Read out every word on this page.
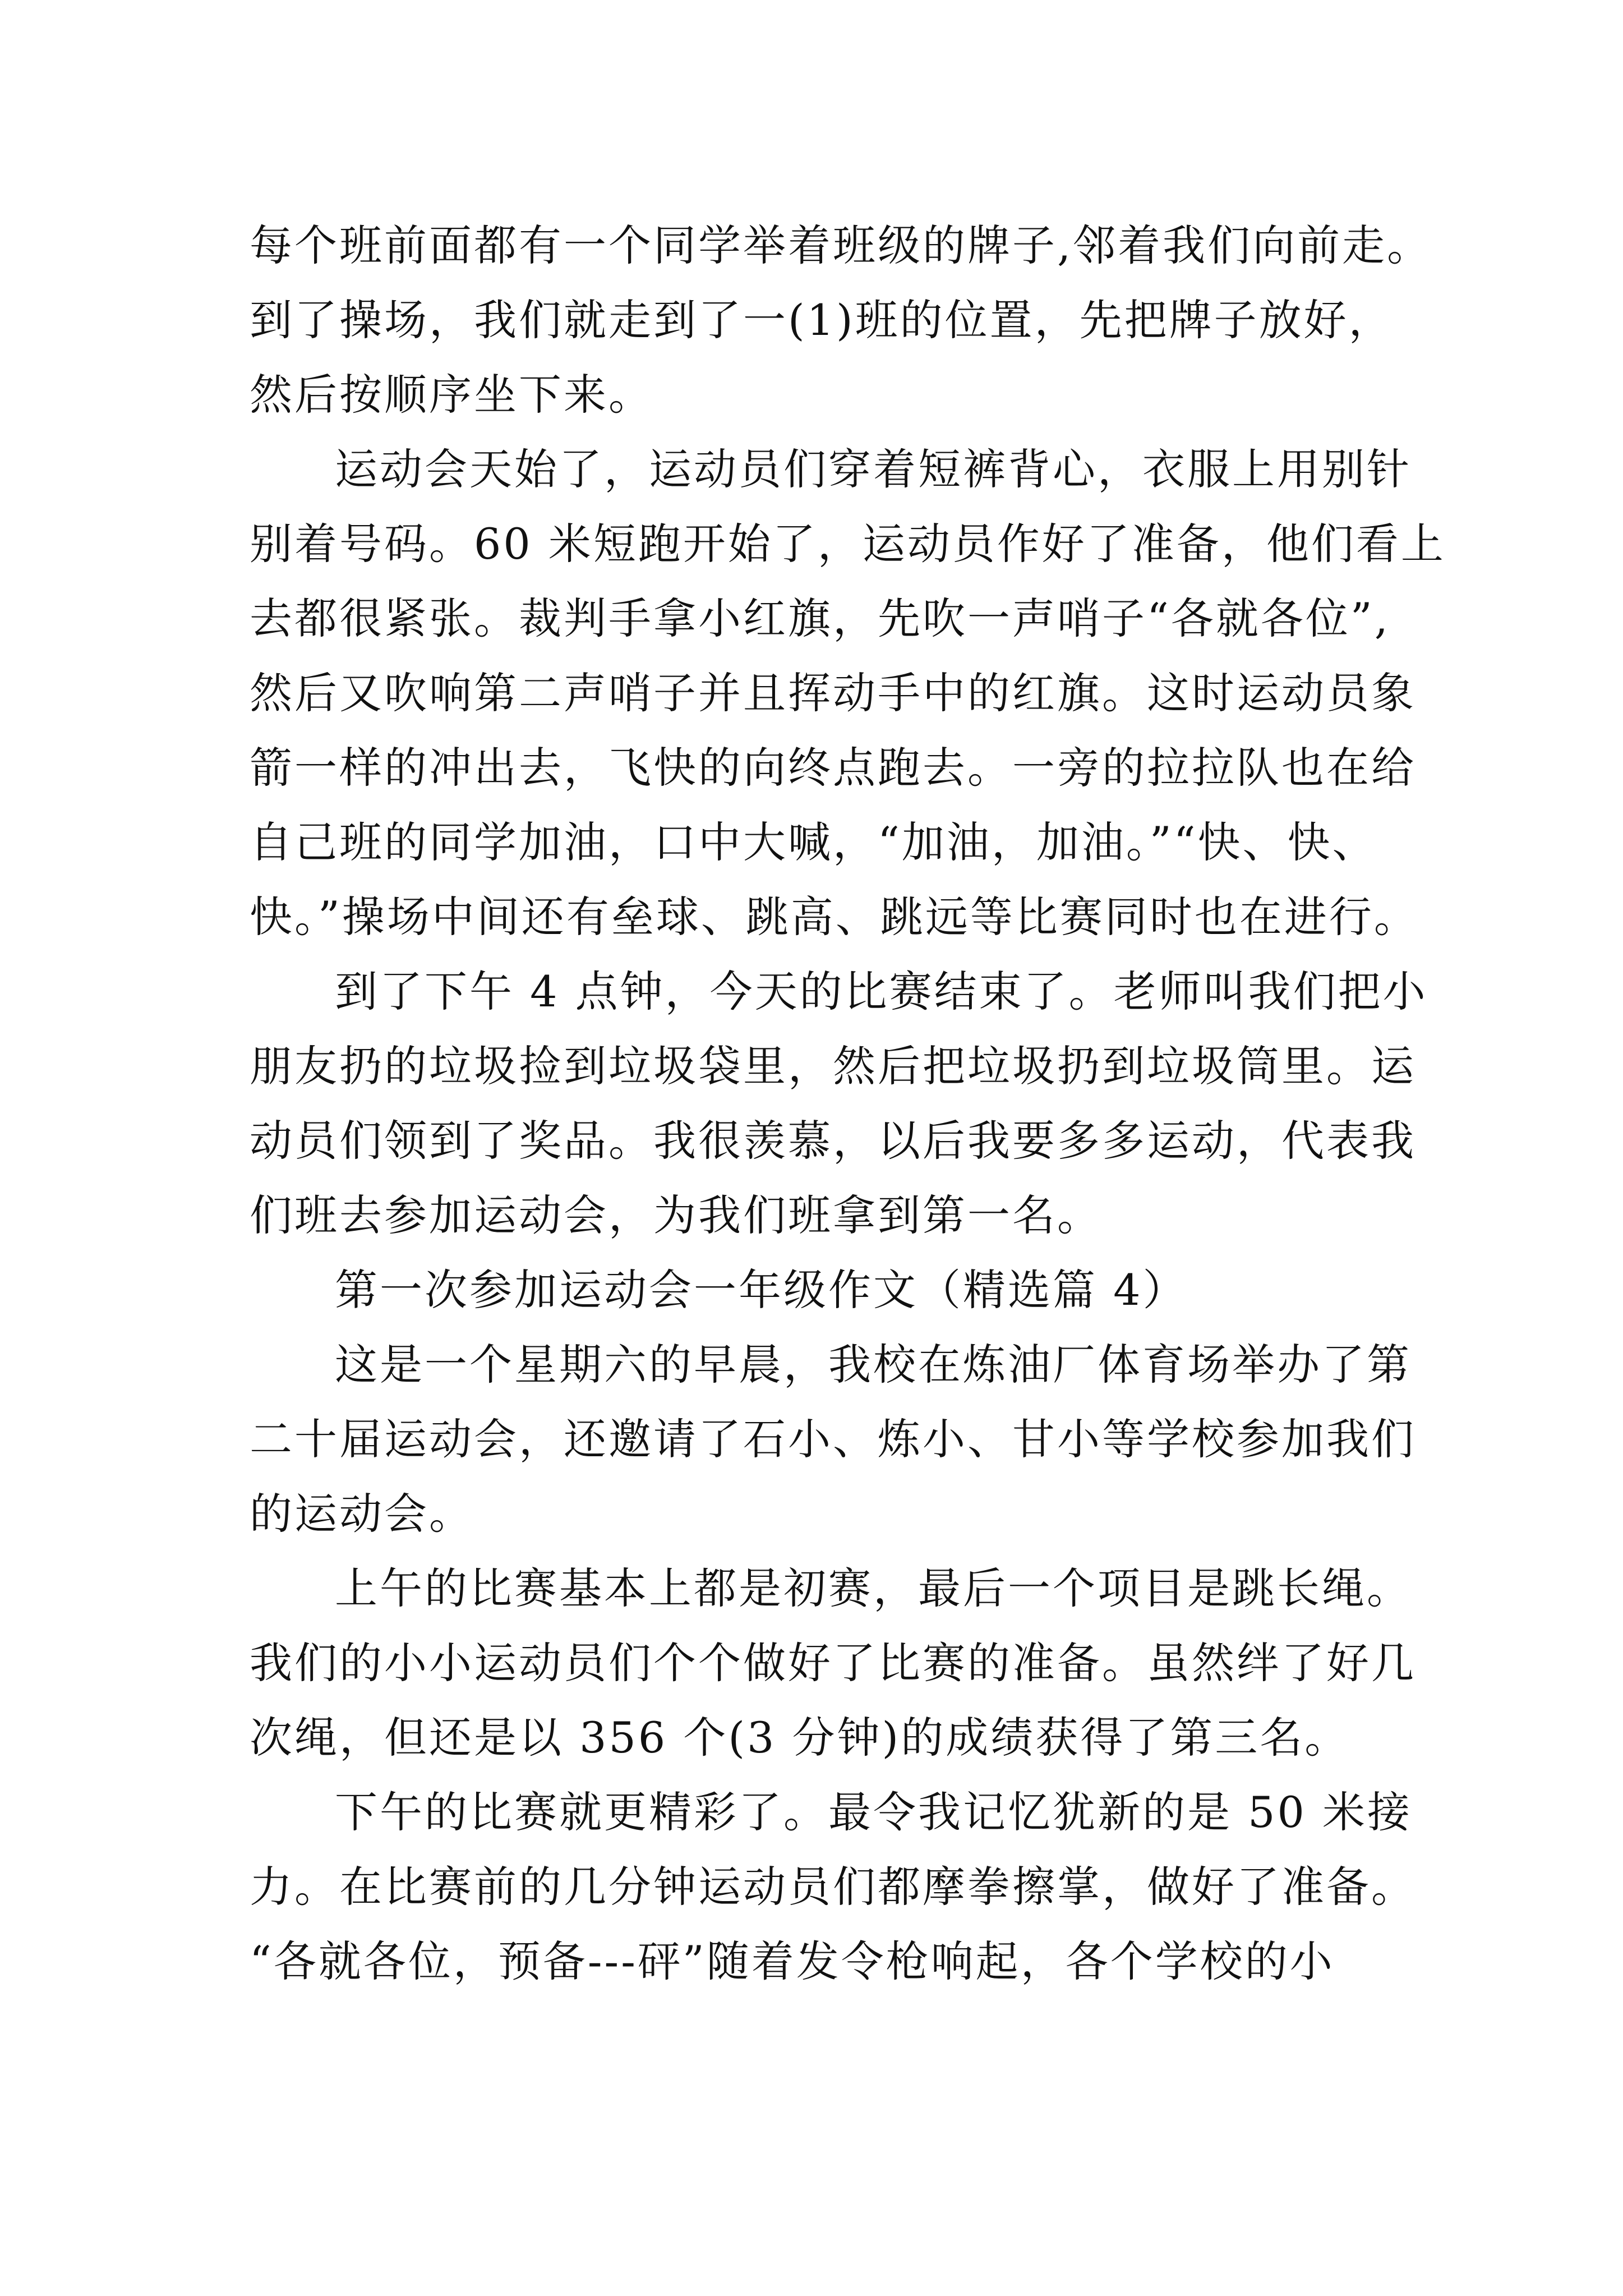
每个班前面都有一个同学举着班级的牌子,邻着我们向前走。

到了操场，我们就走到了一(1)班的位置，先把牌子放好，

然后按顺序坐下来。

运动会天始了，运动员们穿着短裤背心，衣服上用别针

别着号码。60 米短跑开始了，运动员作好了准备，他们看上

去都很紧张。裁判手拿小红旗，先吹一声哨子“各就各位”,

然后又吹响第二声哨子并且挥动手中的红旗。这时运动员象

箭一样的冲出去，飞快的向终点跑去。一旁的拉拉队也在给

自己班的同学加油，口中大喊，“加油，加油。”“快、快、

快。”操场中间还有垒球、跳高、跳远等比赛同时也在进行。

到了下午 4 点钟，今天的比赛结束了。老师叫我们把小

朋友扔的垃圾捡到垃圾袋里，然后把垃圾扔到垃圾筒里。运

动员们领到了奖品。我很羡慕，以后我要多多运动，代表我

们班去参加运动会，为我们班拿到第一名。

第一次参加运动会一年级作文（精选篇 4）

这是一个星期六的早晨，我校在炼油厂体育场举办了第

二十届运动会，还邀请了石小、炼小、甘小等学校参加我们

的运动会。

上午的比赛基本上都是初赛，最后一个项目是跳长绳。

我们的小小运动员们个个做好了比赛的准备。虽然绊了好几

次绳，但还是以 356 个(3 分钟)的成绩获得了第三名。

下午的比赛就更精彩了。最令我记忆犹新的是 50 米接

力。在比赛前的几分钟运动员们都摩拳擦掌，做好了准备。

“各就各位，预备---砰”随着发令枪响起，各个学校的小
